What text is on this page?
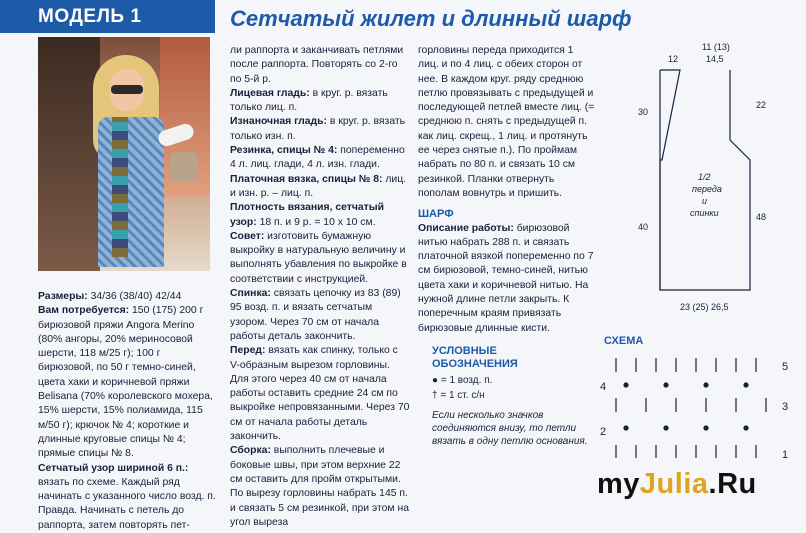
МОДЕЛЬ 1	Сетчатый жилет и длинный шарф

Размеры: 34/36 (38/40) 42/44

Вам потребуется: 150 (175) 200 г бирюзовой пряжи Angora Merino (80% ангоры, 20% мериносовой шерсти, 118 м/25 г); 100 г бирюзовой, по 50 г темно-синей, цвета хаки и коричневой пряжи Belisana (70% королевского мохера, 15% шерсти, 15% полиамида, 115 м/50 г); крючок № 4; короткие и длинные круговые спицы № 4; прямые спицы № 8.

Сетчатый узор шириной 6 п.: вязать по схеме. Каждый ряд начинать с указанного число возд. п. Правда. Начинать с петель до раппорта, затем повторять пет-

ли раппорта и заканчивать петлями после раппорта. Повторять со 2-го по 5-й р.

Лицевая гладь: в круг. р. вязать только лиц. п.

Изнаночная гладь: в круг. р. вязать только изн. п.

Резинка, спицы № 4: попеременно 4 л. лиц. глади, 4 л. изн. глади.

Платочная вязка, спицы № 8: лиц. и изн. р. – лиц. п.

Плотность вязания, сетчатый узор: 18 п. и 9 р. = 10 х 10 см.

Совет: изготовить бумажную выкройку в натуральную величину и выполнять убавления по выкройке в соответствии с инструкцией.

Спинка: связать цепочку из 83 (89) 95 возд. п. и вязать сетчатым узором. Через 70 см от начала работы деталь закончить.

Перед: вязать как спинку, только с V-образным вырезом горловины. Для этого через 40 см от начала работы оставить средние 24 см по выкройке непровязанными. Через 70 см от начала работы деталь закончить.

Сборка: выполнить плечевые и боковые швы, при этом верхние 22 см оставить для пройм открытыми. По вырезу горловины набрать 145 п. и связать 5 см резинкой, при этом на угол выреза

горловины переда приходится 1 лиц. и по 4 лиц. с обеих сторон от нее. В каждом круг. ряду среднюю петлю провязывать с предыдущей и последующей петлей вместе лиц. (= среднюю п. снять с предыдущей п. как лиц. скрещ., 1 лиц. и протянуть ее через снятые п.). По проймам набрать по 80 п. и связать 10 см резинкой. Планки отвернуть пополам вовнутрь и пришить.

ШАРФ

Описание работы: бирюзовой нитью набрать 288 п. и связать платочной вязкой попеременно по 7 см бирюзовой, темно-синей, нитью цвета хаки и коричневой нитью. На нужной длине петли закрыть. К поперечным краям привязать бирюзовые длинные кисти.

УСЛОВНЫЕ
ОБОЗНАЧЕНИЯ
● = 1 возд. п.
† = 1 ст. с/н
Если несколько значков соединяются внизу, то петли вязать в одну петлю основания.
12
11 (13)
14,5
30
40
22
48
23 (25) 26,5
1/2
переда
и
спинки
СХЕМА
5
4
3
2
1
myJulia.Ru
